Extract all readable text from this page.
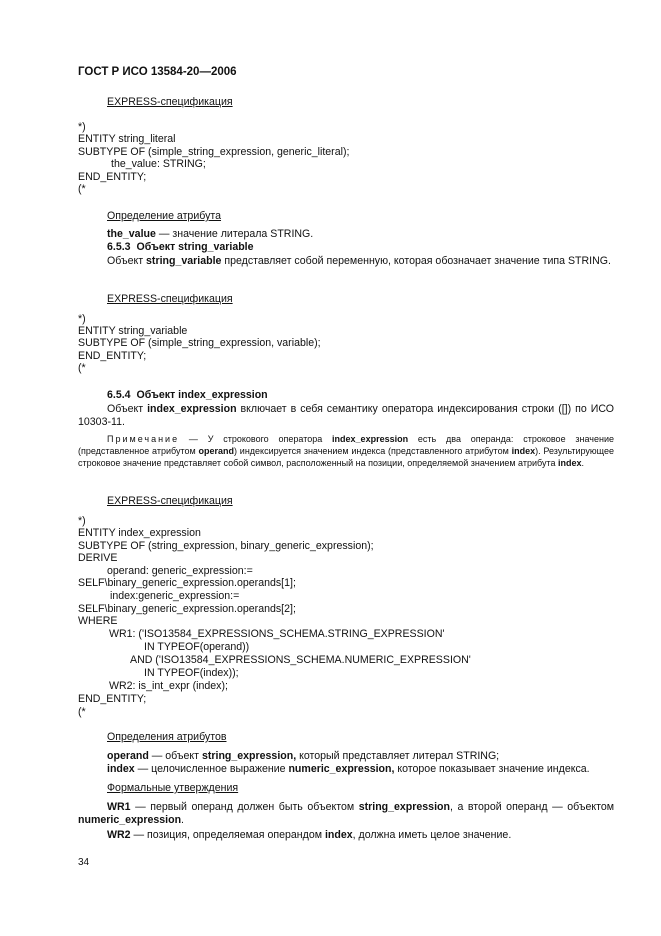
ГОСТ Р ИСО 13584-20—2006
EXPRESS-спецификация
*)
ENTITY string_literal
SUBTYPE OF (simple_string_expression, generic_literal);
the_value: STRING;
END_ENTITY;
(*
Определение атрибута
the_value — значение литерала STRING.
6.5.3 Объект string_variable
Объект string_variable представляет собой переменную, которая обозначает значение типа STRING.
EXPRESS-спецификация
*)
ENTITY string_variable
SUBTYPE OF (simple_string_expression, variable);
END_ENTITY;
(*
6.5.4 Объект index_expression
Объект index_expression включает в себя семантику оператора индексирования строки ([]) по ИСО 10303-11.
Примечание — У строкового оператора index_expression есть два операнда: строковое значение (представленное атрибутом operand) индексируется значением индекса (представленного атрибутом index). Результирующее строковое значение представляет собой символ, расположенный на позиции, определяемой значением атрибута index.
EXPRESS-спецификация
*)
ENTITY index_expression
SUBTYPE OF (string_expression, binary_generic_expression);
DERIVE
operand: generic_expression:=
SELF\binary_generic_expression.operands[1];
index:generic_expression:=
SELF\binary_generic_expression.operands[2];
WHERE
WR1: ('ISO13584_EXPRESSIONS_SCHEMA.STRING_EXPRESSION'
IN TYPEOF(operand))
AND ('ISO13584_EXPRESSIONS_SCHEMA.NUMERIC_EXPRESSION'
IN TYPEOF(index));
WR2: is_int_expr (index);
END_ENTITY;
(*
Определения атрибутов
operand — объект string_expression, который представляет литерал STRING;
index — целочисленное выражение numeric_expression, которое показывает значение индекса.
Формальные утверждения
WR1 — первый операнд должен быть объектом string_expression, а второй операнд — объектом numeric_expression.
WR2 — позиция, определяемая операндом index, должна иметь целое значение.
34
